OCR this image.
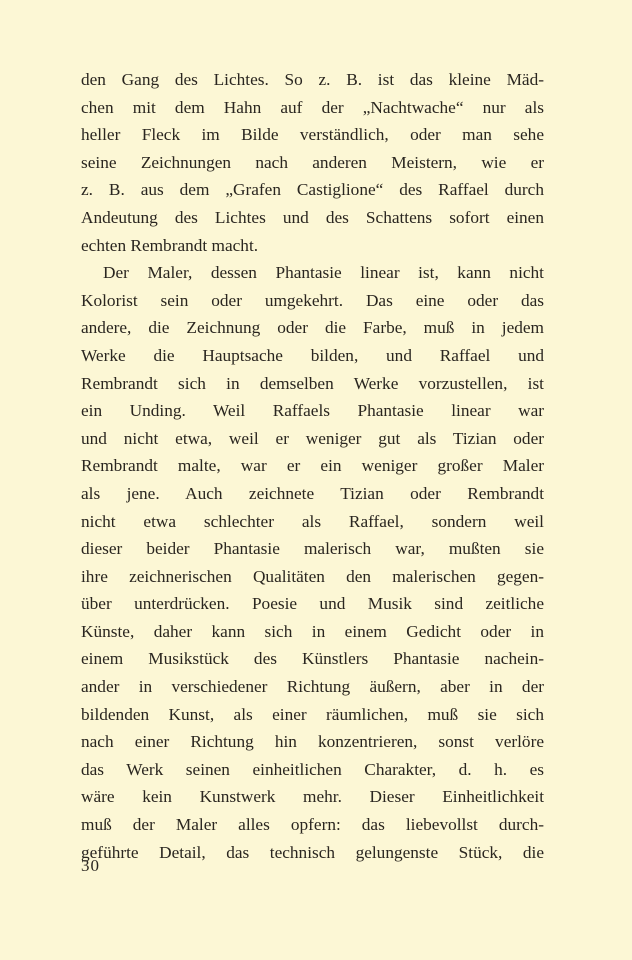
den Gang des Lichtes. So z. B. ist das kleine Mäd-
chen mit dem Hahn auf der „Nachtwache“ nur als
heller Fleck im Bilde verständlich, oder man sehe
seine Zeichnungen nach anderen Meistern, wie er
z. B. aus dem „Grafen Castiglione“ des Raffael durch
Andeutung des Lichtes und des Schattens sofort einen
echten Rembrandt macht.
Der Maler, dessen Phantasie linear ist, kann nicht
Kolorist sein oder umgekehrt. Das eine oder das
andere, die Zeichnung oder die Farbe, muß in jedem
Werke die Hauptsache bilden, und Raffael und
Rembrandt sich in demselben Werke vorzustellen, ist
ein Unding. Weil Raffaels Phantasie linear war
und nicht etwa, weil er weniger gut als Tizian oder
Rembrandt malte, war er ein weniger großer Maler
als jene. Auch zeichnete Tizian oder Rembrandt
nicht etwa schlechter als Raffael, sondern weil
dieser beider Phantasie malerisch war, mußten sie
ihre zeichnerischen Qualitäten den malerischen gegen-
über unterdrücken. Poesie und Musik sind zeitliche
Künste, daher kann sich in einem Gedicht oder in
einem Musikstück des Künstlers Phantasie nachein-
ander in verschiedener Richtung äußern, aber in der
bildenden Kunst, als einer räumlichen, muß sie sich
nach einer Richtung hin konzentrieren, sonst verlöre
das Werk seinen einheitlichen Charakter, d. h. es
wäre kein Kunstwerk mehr. Dieser Einheitlichkeit
muß der Maler alles opfern: das liebevollst durch-
geführte Detail, das technisch gelungenste Stück, die
30
